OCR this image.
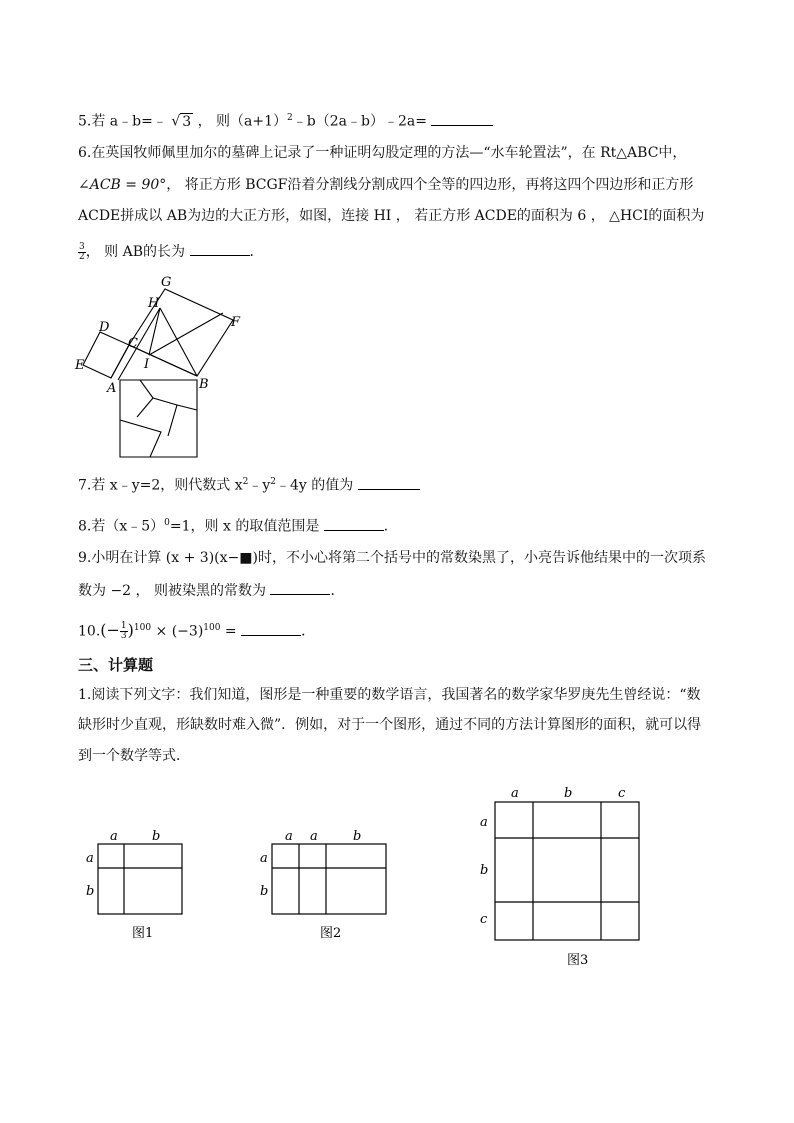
5.若 a﹣b=﹣ √ 3 ， 则$(a+1)^2﹣b(2a﹣b)﹣2a=$
6.在英国牧师佩里加尔的墓碑上记录了一种证明勾股定理的方法—“水车轮置法”，在 Rt△ABC中，
∠ACB = 90°， 将正方形 BCGF沿着分割线分割成四个全等的四边形，再将这四个四边形和正方形
ACDE拼成以 AB为边的大正方形，如图，连接 HI ， 若正方形 ACDE的面积为 6 ， △HCI的面积为
$\frac{3}{2}$ ， 则 AB的长为	．
G
H
F
D
C
I
E
A	B
7.若 x﹣y=2，则代数式 $x^2﹣y^2﹣4y$ 的值为
8.若（x﹣5）$^0$=1，则 x 的取值范围是	．
9.小明在计算 (x + 3)(x−■)时，不小心将第二个括号中的常数染黑了，小亮告诉他结果中的一次项系
数为 −2 ， 则被染黑的常数为	．
$10.(- \frac{1}{3} )^{100} \times (-3)^{100}$ =	．
三、计算题
1.阅读下列文字：我们知道，图形是一种重要的数学语言，我国著名的数学家华罗庚先生曾经说：“数
缺形时少直观，形缺数时难入微”．例如，对于一个图形，通过不同的方法计算图形的面积，就可以得
到一个数学等式．
a	b
a
b
图1
a a	b
a
b
图2
a	b	c
a
b
c
图3
